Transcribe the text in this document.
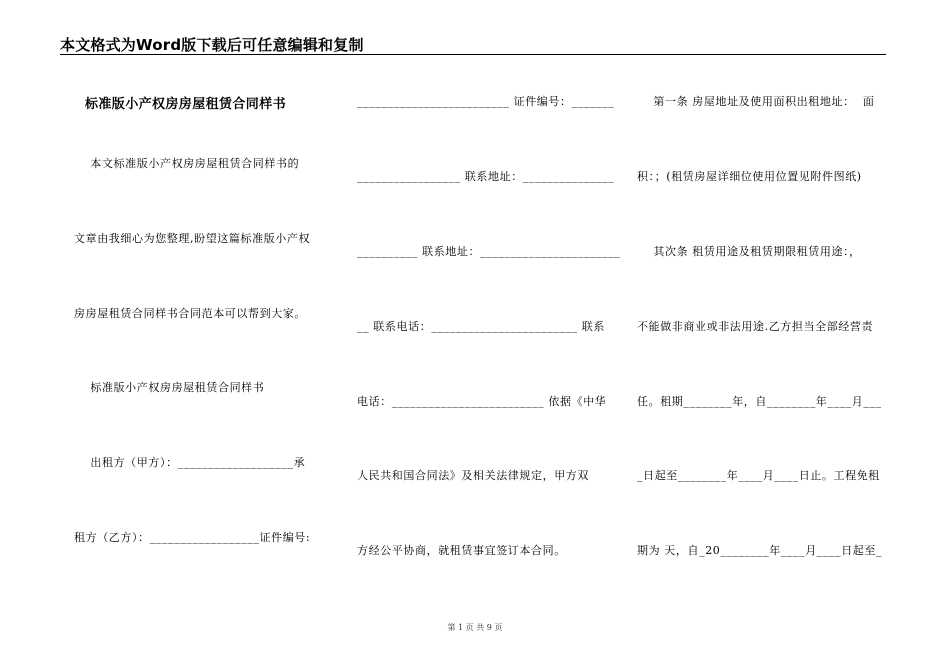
本文格式为Word版下载后可任意编辑和复制
标准版小产权房房屋租赁合同样书
本文标准版小产权房房屋租赁合同样书的
文章由我细心为您整理,盼望这篇标准版小产权
房房屋租赁合同样书合同范本可以帮到大家。
标准版小产权房房屋租赁合同样书
出租方（甲方）：___________________承
租方（乙方）：__________________证件编号:
_________________________ 证件编号：_______
_________________ 联系地址：_______________
__________ 联系地址：_______________________
__ 联系电话：________________________ 联系
电话：_________________________ 依据《中华
人民共和国合同法》及相关法律规定，甲方双
方经公平协商，就租赁事宜签订本合同。
第一条 房屋地址及使用面积出租地址：  面
积：；(租赁房屋详细位使用位置见附件图纸)
其次条 租赁用途及租赁期限租赁用途：，
不能做非商业或非法用途.乙方担当全部经营责
任。租期________年，自________年____月___
_日起至________年____月____日止。工程免租
期为 天，自_20________年____月____日起至_
第 1 页 共 9 页
